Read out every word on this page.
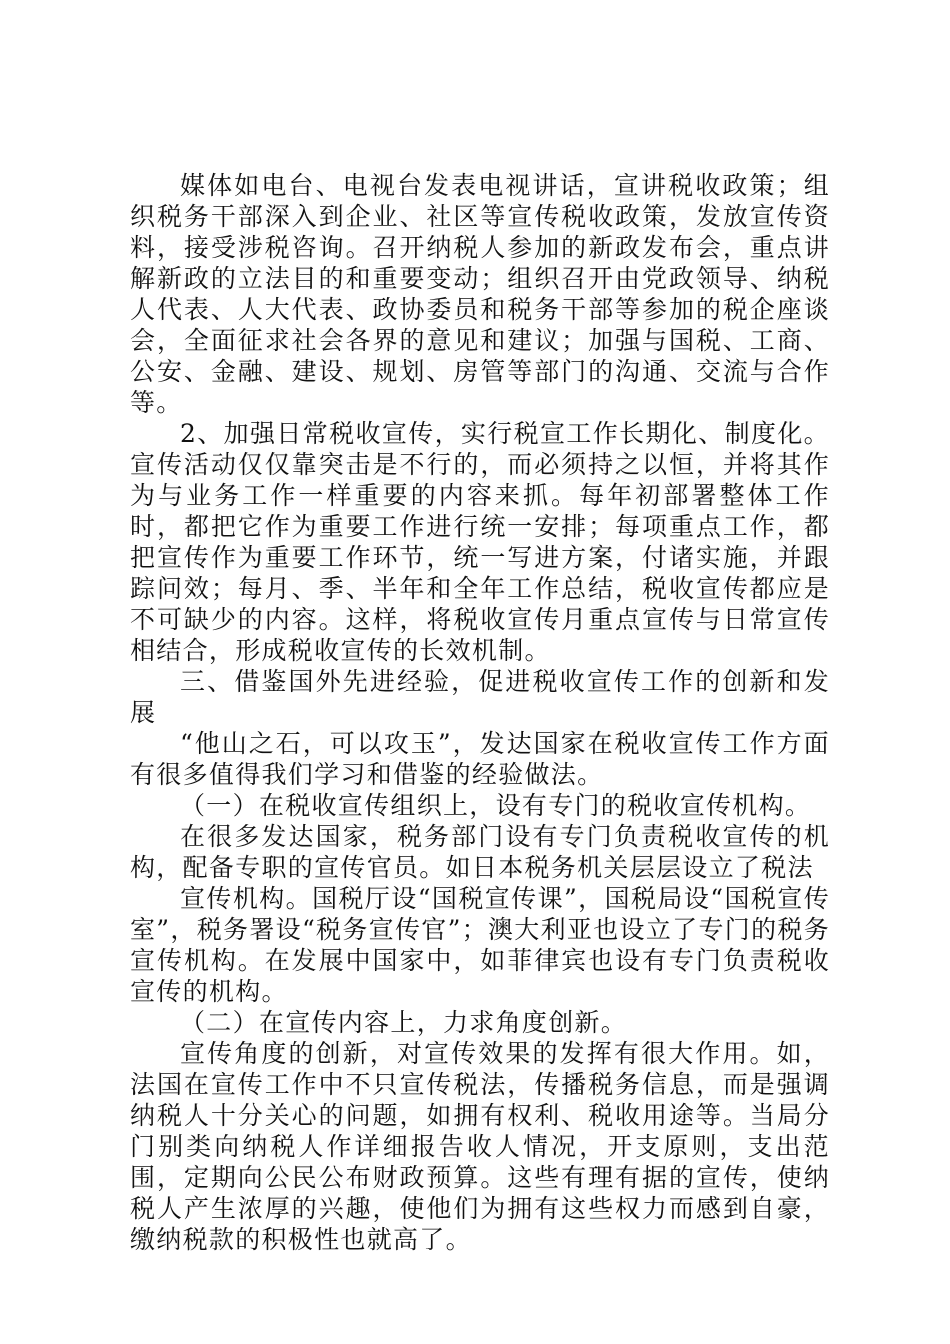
媒体如电台、电视台发表电视讲话，宣讲税收政策；组织税务干部深入到企业、社区等宣传税收政策，发放宣传资料，接受涉税咨询。召开纳税人参加的新政发布会，重点讲解新政的立法目的和重要变动；组织召开由党政领导、纳税人代表、人大代表、政协委员和税务干部等参加的税企座谈会，全面征求社会各界的意见和建议；加强与国税、工商、公安、金融、建设、规划、房管等部门的沟通、交流与合作等。

2、加强日常税收宣传，实行税宣工作长期化、制度化。宣传活动仅仅靠突击是不行的，而必须持之以恒，并将其作为与业务工作一样重要的内容来抓。每年初部署整体工作时，都把它作为重要工作进行统一安排；每项重点工作，都把宣传作为重要工作环节，统一写进方案，付诸实施，并跟踪问效；每月、季、半年和全年工作总结，税收宣传都应是不可缺少的内容。这样，将税收宣传月重点宣传与日常宣传相结合，形成税收宣传的长效机制。

三、借鉴国外先进经验，促进税收宣传工作的创新和发展

“他山之石，可以攻玉”，发达国家在税收宣传工作方面有很多值得我们学习和借鉴的经验做法。

（一）在税收宣传组织上，设有专门的税收宣传机构。

在很多发达国家，税务部门设有专门负责税收宣传的机构，配备专职的宣传官员。如日本税务机关层层设立了税法

宣传机构。国税厅设“国税宣传课”，国税局设“国税宣传室”，税务署设“税务宣传官”；澳大利亚也设立了专门的税务宣传机构。在发展中国家中，如菲律宾也设有专门负责税收宣传的机构。

（二）在宣传内容上，力求角度创新。

宣传角度的创新，对宣传效果的发挥有很大作用。如，法国在宣传工作中不只宣传税法，传播税务信息，而是强调纳税人十分关心的问题，如拥有权利、税收用途等。当局分门别类向纳税人作详细报告收人情况，开支原则，支出范围，定期向公民公布财政预算。这些有理有据的宣传，使纳税人产生浓厚的兴趣，使他们为拥有这些权力而感到自豪，缴纳税款的积极性也就高了。
